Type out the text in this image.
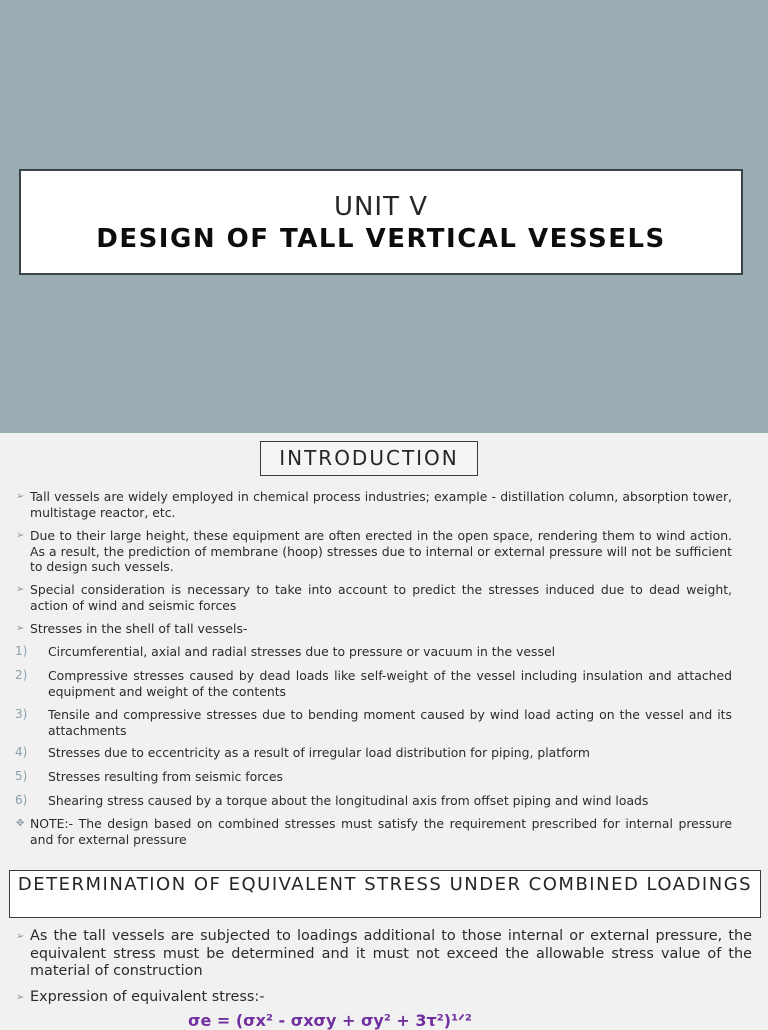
UNIT V
DESIGN OF TALL VERTICAL VESSELS
INTRODUCTION
➢ Tall vessels are widely employed in chemical process industries; example - distillation column, absorption tower, multistage reactor, etc.
➢ Due to their large height, these equipment are often erected in the open space, rendering them to wind action. As a result, the prediction of membrane (hoop) stresses due to internal or external pressure will not be sufficient to design such vessels.
➢ Special consideration is necessary to take into account to predict the stresses induced due to dead weight, action of wind and seismic forces
➢ Stresses in the shell of tall vessels-
1) Circumferential, axial and radial stresses due to pressure or vacuum in the vessel
2) Compressive stresses caused by dead loads like self-weight of the vessel including insulation and attached equipment and weight of the contents
3) Tensile and compressive stresses due to bending moment caused by wind load acting on the vessel and its attachments
4) Stresses due to eccentricity as a result of irregular load distribution for piping, platform
5) Stresses resulting from seismic forces
6) Shearing stress caused by a torque about the longitudinal axis from offset piping and wind loads
✥ NOTE:- The design based on combined stresses must satisfy the requirement prescribed for internal pressure and for external pressure
DETERMINATION OF EQUIVALENT STRESS UNDER COMBINED LOADINGS
➢ As the tall vessels are subjected to loadings additional to those internal or external pressure, the equivalent stress must be determined and it must not exceed the allowable stress value of the material of construction
➢ Expression of equivalent stress:-
σe = (σx² - σxσy + σy² + 3τ²)¹ᐟ²
